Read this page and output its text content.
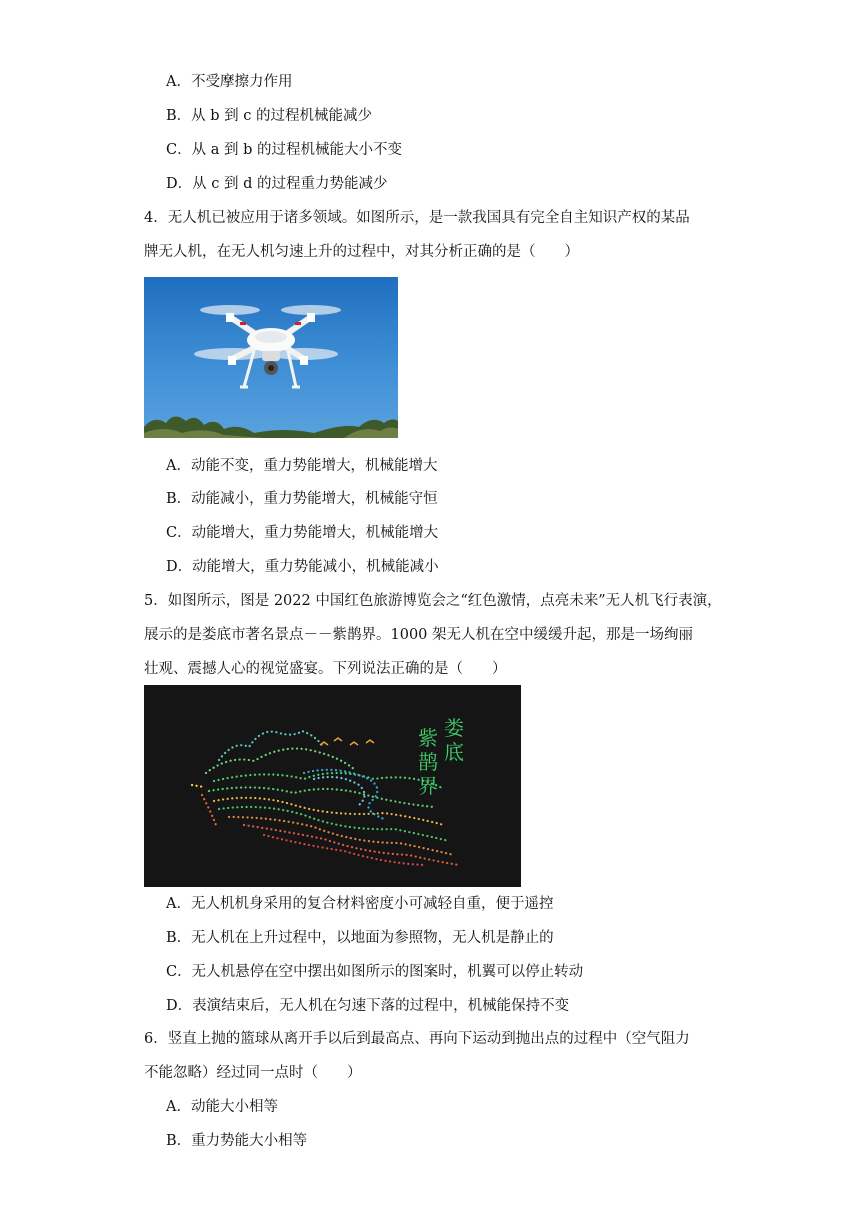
A．不受摩擦力作用
B．从 b 到 c 的过程机械能减少
C．从 a 到 b 的过程机械能大小不变
D．从 c 到 d 的过程重力势能减少
4．无人机已被应用于诸多领域。如图所示，是一款我国具有完全自主知识产权的某品
牌无人机，在无人机匀速上升的过程中，对其分析正确的是（　　）
A．动能不变，重力势能增大，机械能增大
B．动能减小，重力势能增大，机械能守恒
C．动能增大，重力势能增大，机械能增大
D．动能增大，重力势能减小，机械能减小
5．如图所示，图是 2022 中国红色旅游博览会之“红色激情，点亮未来”无人机飞行表演，
展示的是娄底市著名景点－－紫鹊界。1000 架无人机在空中缓缓升起，那是一场绚丽
壮观、震撼人心的视觉盛宴。下列说法正确的是（　　）
娄底紫鹊界
A．无人机机身采用的复合材料密度小可减轻自重，便于遥控
B．无人机在上升过程中，以地面为参照物，无人机是静止的
C．无人机悬停在空中摆出如图所示的图案时，机翼可以停止转动
D．表演结束后，无人机在匀速下落的过程中，机械能保持不变
6．竖直上抛的篮球从离开手以后到最高点、再向下运动到抛出点的过程中（空气阻力
不能忽略）经过同一点时（　　）
A．动能大小相等
B．重力势能大小相等
